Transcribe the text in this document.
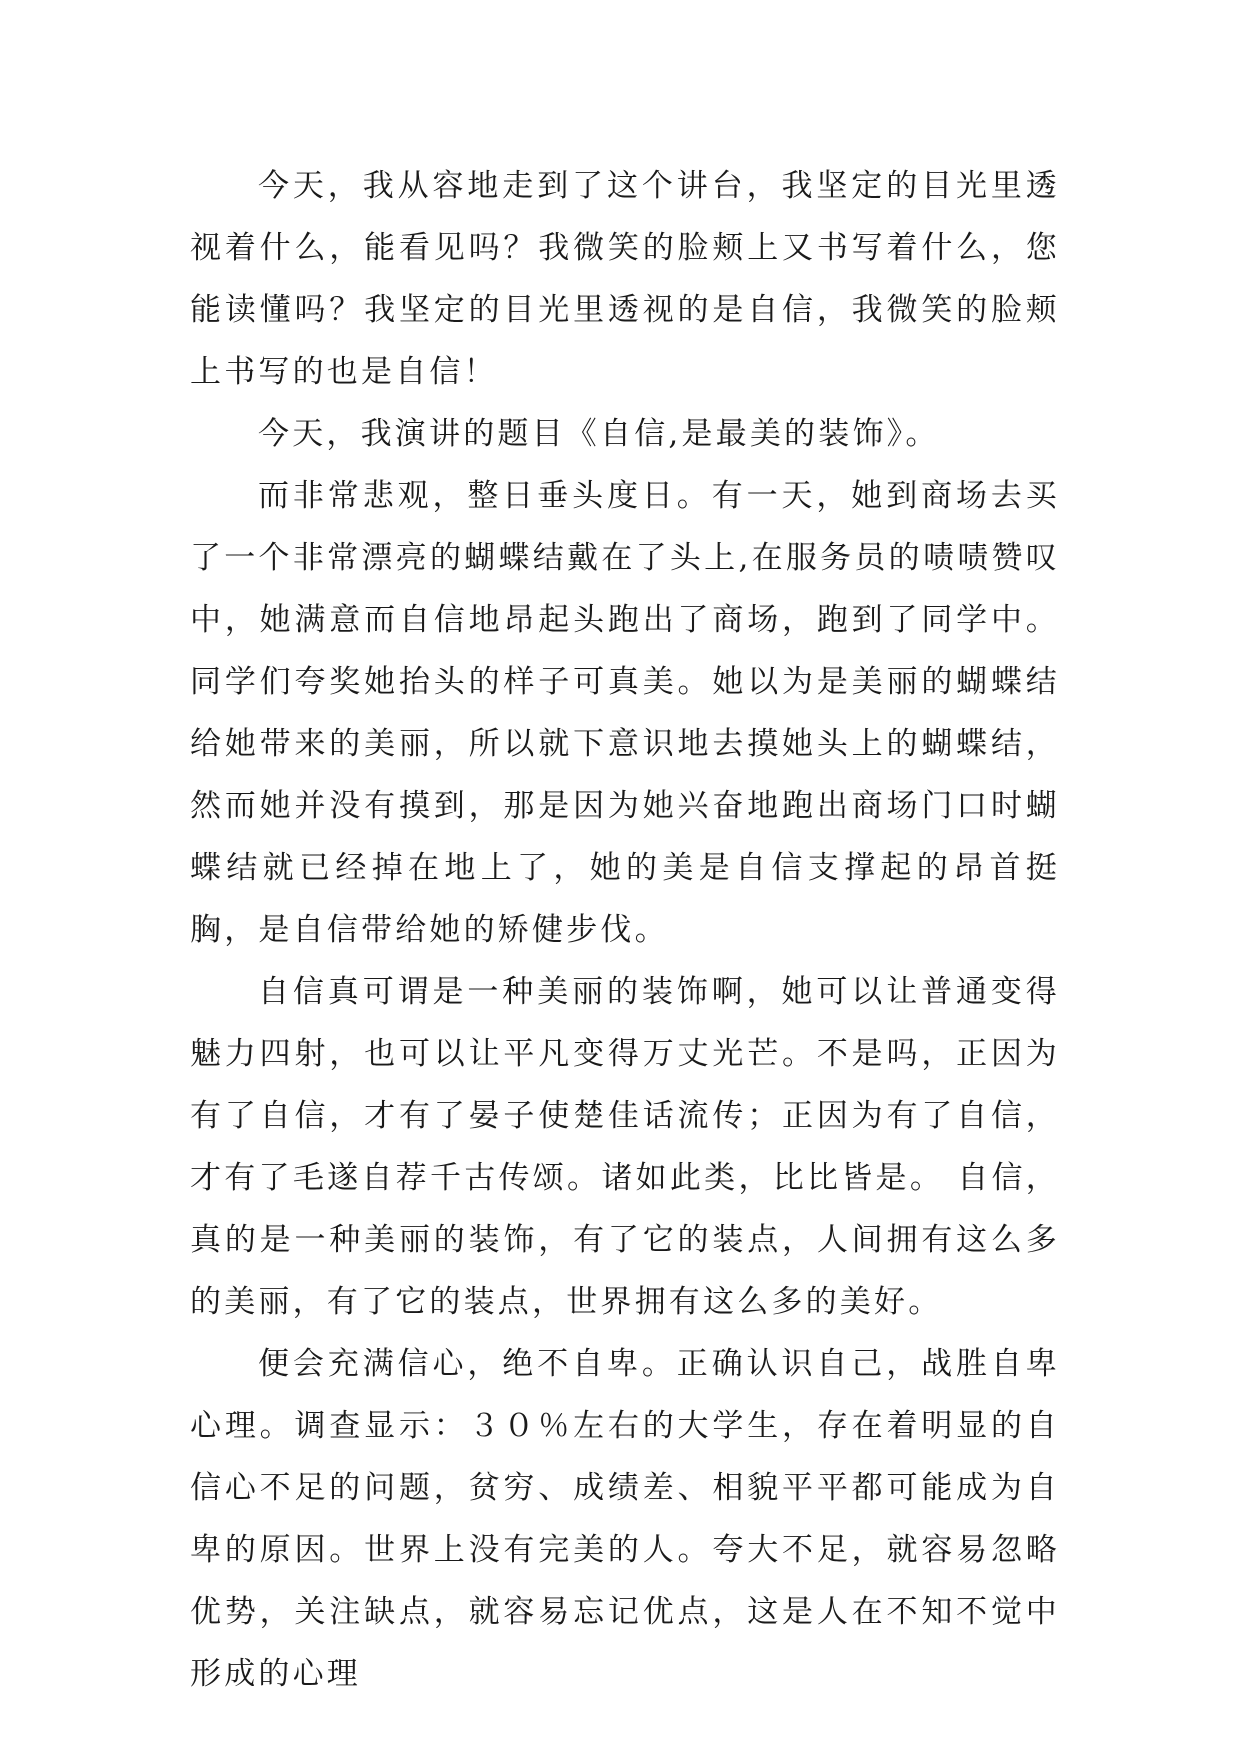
今天，我从容地走到了这个讲台，我坚定的目光里透视着什么，能看见吗？我微笑的脸颊上又书写着什么，您能读懂吗？我坚定的目光里透视的是自信，我微笑的脸颊上书写的也是自信！

今天，我演讲的题目《自信,是最美的装饰》。

而非常悲观，整日垂头度日。有一天，她到商场去买了一个非常漂亮的蝴蝶结戴在了头上,在服务员的啧啧赞叹中，她满意而自信地昂起头跑出了商场，跑到了同学中。同学们夸奖她抬头的样子可真美。她以为是美丽的蝴蝶结给她带来的美丽，所以就下意识地去摸她头上的蝴蝶结，然而她并没有摸到，那是因为她兴奋地跑出商场门口时蝴蝶结就已经掉在地上了，她的美是自信支撑起的昂首挺胸，是自信带给她的矫健步伐。

自信真可谓是一种美丽的装饰啊，她可以让普通变得魅力四射，也可以让平凡变得万丈光芒。不是吗，正因为有了自信，才有了晏子使楚佳话流传；正因为有了自信，才有了毛遂自荐千古传颂。诸如此类，比比皆是。 自信，真的是一种美丽的装饰，有了它的装点，人间拥有这么多的美丽，有了它的装点，世界拥有这么多的美好。

便会充满信心，绝不自卑。正确认识自己，战胜自卑心理。调查显示：３０％左右的大学生，存在着明显的自信心不足的问题，贫穷、成绩差、相貌平平都可能成为自卑的原因。世界上没有完美的人。夸大不足，就容易忽略优势，关注缺点，就容易忘记优点，这是人在不知不觉中形成的心理
